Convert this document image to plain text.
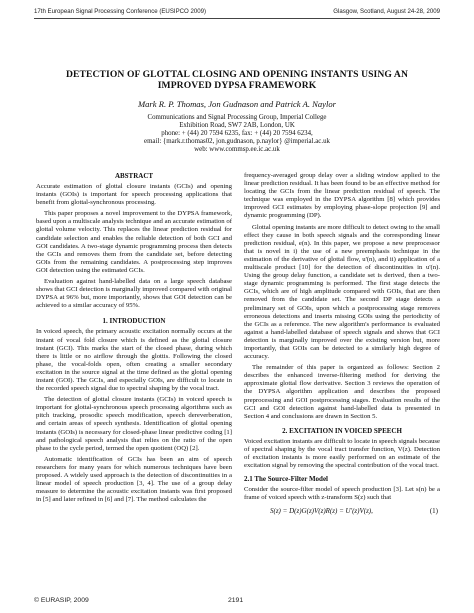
17th European Signal Processing Conference (EUSIPCO 2009)	Glasgow, Scotland, August 24-28, 2009
DETECTION OF GLOTTAL CLOSING AND OPENING INSTANTS USING AN
IMPROVED DYPSA FRAMEWORK
Mark R. P. Thomas, Jon Gudnason and Patrick A. Naylor
Communications and Signal Processing Group, Imperial College
Exhibition Road, SW7 2AB, London, UK
phone: + (44) 20 7594 6235, fax: + (44) 20 7594 6234,
email: {mark.r.thomas02, jon.gudnason, p.naylor} @imperial.ac.uk
web: www.commsp.ee.ic.ac.uk
ABSTRACT

Accurate estimation of glottal closure instants (GCIs) and opening instants (GOIs) is important for speech processing applications that benefit from glottal-synchronous processing.

This paper proposes a novel improvement to the DYPSA framework, based upon a multiscale analysis technique and an accurate estimation of glottal volume velocity. This replaces the linear prediction residual for candidate selection and enables the reliable detection of both GCI and GOI candidates. A two-stage dynamic programming process then detects the GCIs and removes them from the candidate set, before detecting GOIs from the remaining candidates. A postprocessing step improves GOI detection using the estimated GCIs.

Evaluation against hand-labelled data on a large speech database shows that GCI detection is marginally improved compared with original DYPSA at 96% but, more importantly, shows that GOI detection can be achieved to a similar accuracy of 95%.

1. INTRODUCTION

In voiced speech, the primary acoustic excitation normally occurs at the instant of vocal fold closure which is defined as the glottal closure instant (GCI). This marks the start of the closed phase, during which there is little or no airflow through the glottis. Following the closed phase, the vocal-folds open, often creating a smaller secondary excitation in the source signal at the time defined as the glottal opening instant (GOI). The GCIs, and especially GOIs, are difficult to locate in the recorded speech signal due to spectral shaping by the vocal tract.

The detection of glottal closure instants (GCIs) in voiced speech is important for glottal-synchronous speech processing algorithms such as pitch tracking, prosodic speech modification, speech dereverberation, and certain areas of speech synthesis. Identification of glottal opening instants (GOIs) is necessary for closed-phase linear predictive coding [1] and pathological speech analysis that relies on the ratio of the open phase to the cycle period, termed the open quotient (OQ) [2].

Automatic identification of GCIs has been an aim of speech researchers for many years for which numerous techniques have been proposed. A widely used approach is the detection of discontinuities in a linear model of speech production [3, 4]. The use of a group delay measure to determine the acoustic excitation instants was first proposed in [5] and later refined in [6] and [7]. The method calculates the

frequency-averaged group delay over a sliding window applied to the linear prediction residual. It has been found to be an effective method for locating the GCIs from the linear prediction residual of speech. The technique was employed in the DYPSA algorithm [8] which provides improved GCI estimates by employing phase-slope projection [9] and dynamic programming (DP).

Glottal opening instants are more difficult to detect owing to the small effect they cause in both speech signals and the corresponding linear prediction residual, e(n). In this paper, we propose a new preprocessor that is novel in i) the use of a new preemphasis technique in the estimation of the derivative of glottal flow, u'(n), and ii) application of a multiscale product [10] for the detection of discontinuities in u'(n). Using the group delay function, a candidate set is derived, then a two-stage dynamic programming is performed. The first stage detects the GCIs, which are of high amplitude compared with GOIs, that are then removed from the candidate set. The second DP stage detects a preliminary set of GOIs, upon which a postprocessing stage removes erroneous detections and inserts missing GOIs using the periodicity of the GCIs as a reference. The new algorithm's performance is evaluated against a hand-labelled database of speech signals and shows that GCI detection is marginally improved over the existing version but, more importantly, that GOIs can be detected to a similarly high degree of accuracy.

The remainder of this paper is organized as follows: Section 2 describes the enhanced inverse-filtering method for deriving the approximate glottal flow derivative. Section 3 reviews the operation of the DYPSA algorithm application and describes the proposed preprocessing and GOI postprocessing stages. Evaluation results of the GCI and GOI detection against hand-labelled data is presented in Section 4 and conclusions are drawn in Section 5.

2. EXCITATION IN VOICED SPEECH

Voiced excitation instants are difficult to locate in speech signals because of spectral shaping by the vocal tract transfer function, V(z). Detection of excitation instants is more easily performed on an estimate of the excitation signal by removing the spectral contribution of the vocal tract.

2.1 The Source-Filter Model

Consider the source-filter model of speech production [3]. Let s(n) be a frame of voiced speech with z-transform S(z) such that

S(z) = D(z)G(z)V(z)R(z) = U'(z)V(z),	(1)
© EURASIP, 2009	2191
